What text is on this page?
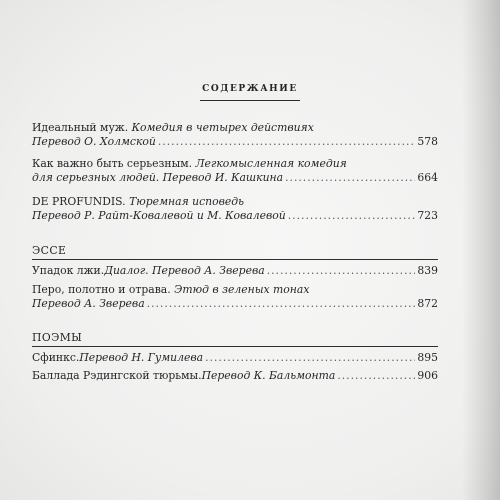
СОДЕРЖАНИЕ
Идеальный муж. Комедия в четырех действиях
Перевод О. Холмской .....	578
Как важно быть серьезным. Легкомысленная комедия
для серьезных людей. Перевод И. Кашкина .....	664
DE PROFUNDIS. Тюремная исповедь
Перевод Р. Райт-Ковалевой и М. Ковалевой .....	723
ЭССЕ
Упадок лжи. Диалог. Перевод А. Зверева .....	839
Перо, полотно и отрава. Этюд в зеленых тонах
Перевод А. Зверева .....	872
ПОЭМЫ
Сфинкс. Перевод Н. Гумилева .....	895
Баллада Рэдингской тюрьмы. Перевод К. Бальмонта .....	906
